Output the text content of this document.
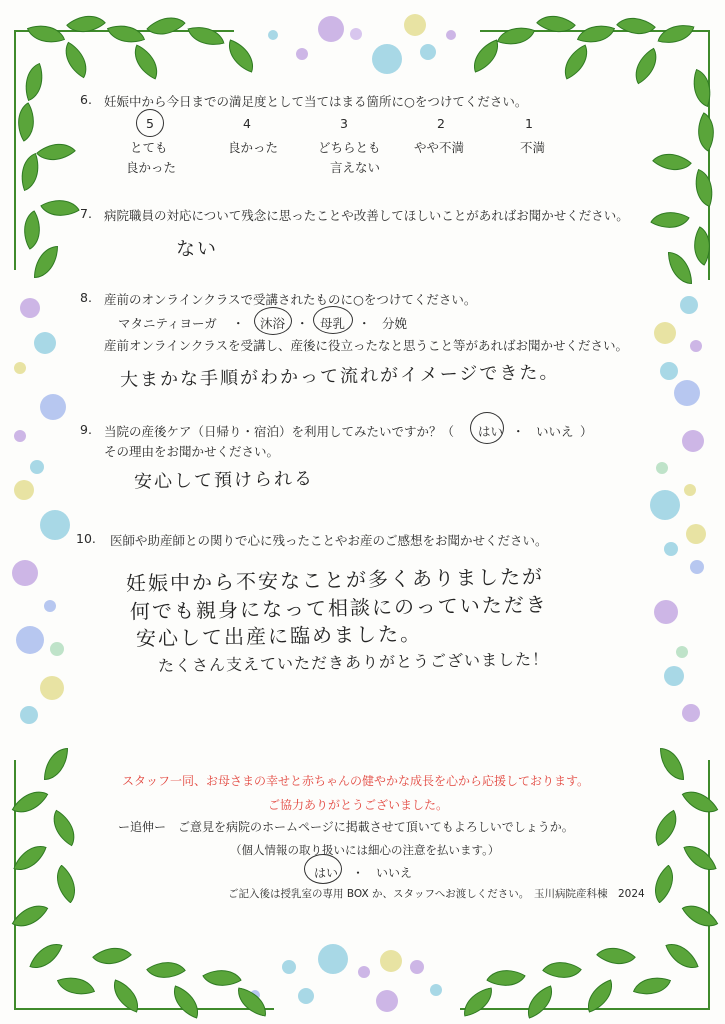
6. 妊娠中から今日までの満足度として当てはまる箇所に○をつけてください。
5	4	3	2	1
とても	良かった	どちらとも	やや不満	不満
良かった	言えない
7. 病院職員の対応について残念に思ったことや改善してほしいことがあればお聞かせください。
ない
8. 産前のオンラインクラスで受講されたものに○をつけてください。
マタニティヨーガ ・ 沐浴 ・ 母乳 ・ 分娩
産前オンラインクラスを受講し、産後に役立ったなと思うこと等があればお聞かせください。
大まかな手順がわかって流れがイメージできた。
9. 当院の産後ケア（日帰り・宿泊）を利用してみたいですか？（ はい ・ いいえ ）
その理由をお聞かせください。
安心して預けられる
10. 医師や助産師との関りで心に残ったことやお産のご感想をお聞かせください。
妊娠中から不安なことが多くありましたが
何でも親身になって相談にのっていただき
安心して出産に臨めました。
たくさん支えていただきありがとうございました！
スタッフ一同、お母さまの幸せと赤ちゃんの健やかな成長を心から応援しております。
ご協力ありがとうございました。
ー追伸ー　ご意見を病院のホームページに掲載させて頂いてもよろしいでしょうか。
（個人情報の取り扱いには細心の注意を払います。）
はい ・ いいえ
ご記入後は授乳室の専用 BOX か、スタッフへお渡しください。 玉川病院産科棟　2024
